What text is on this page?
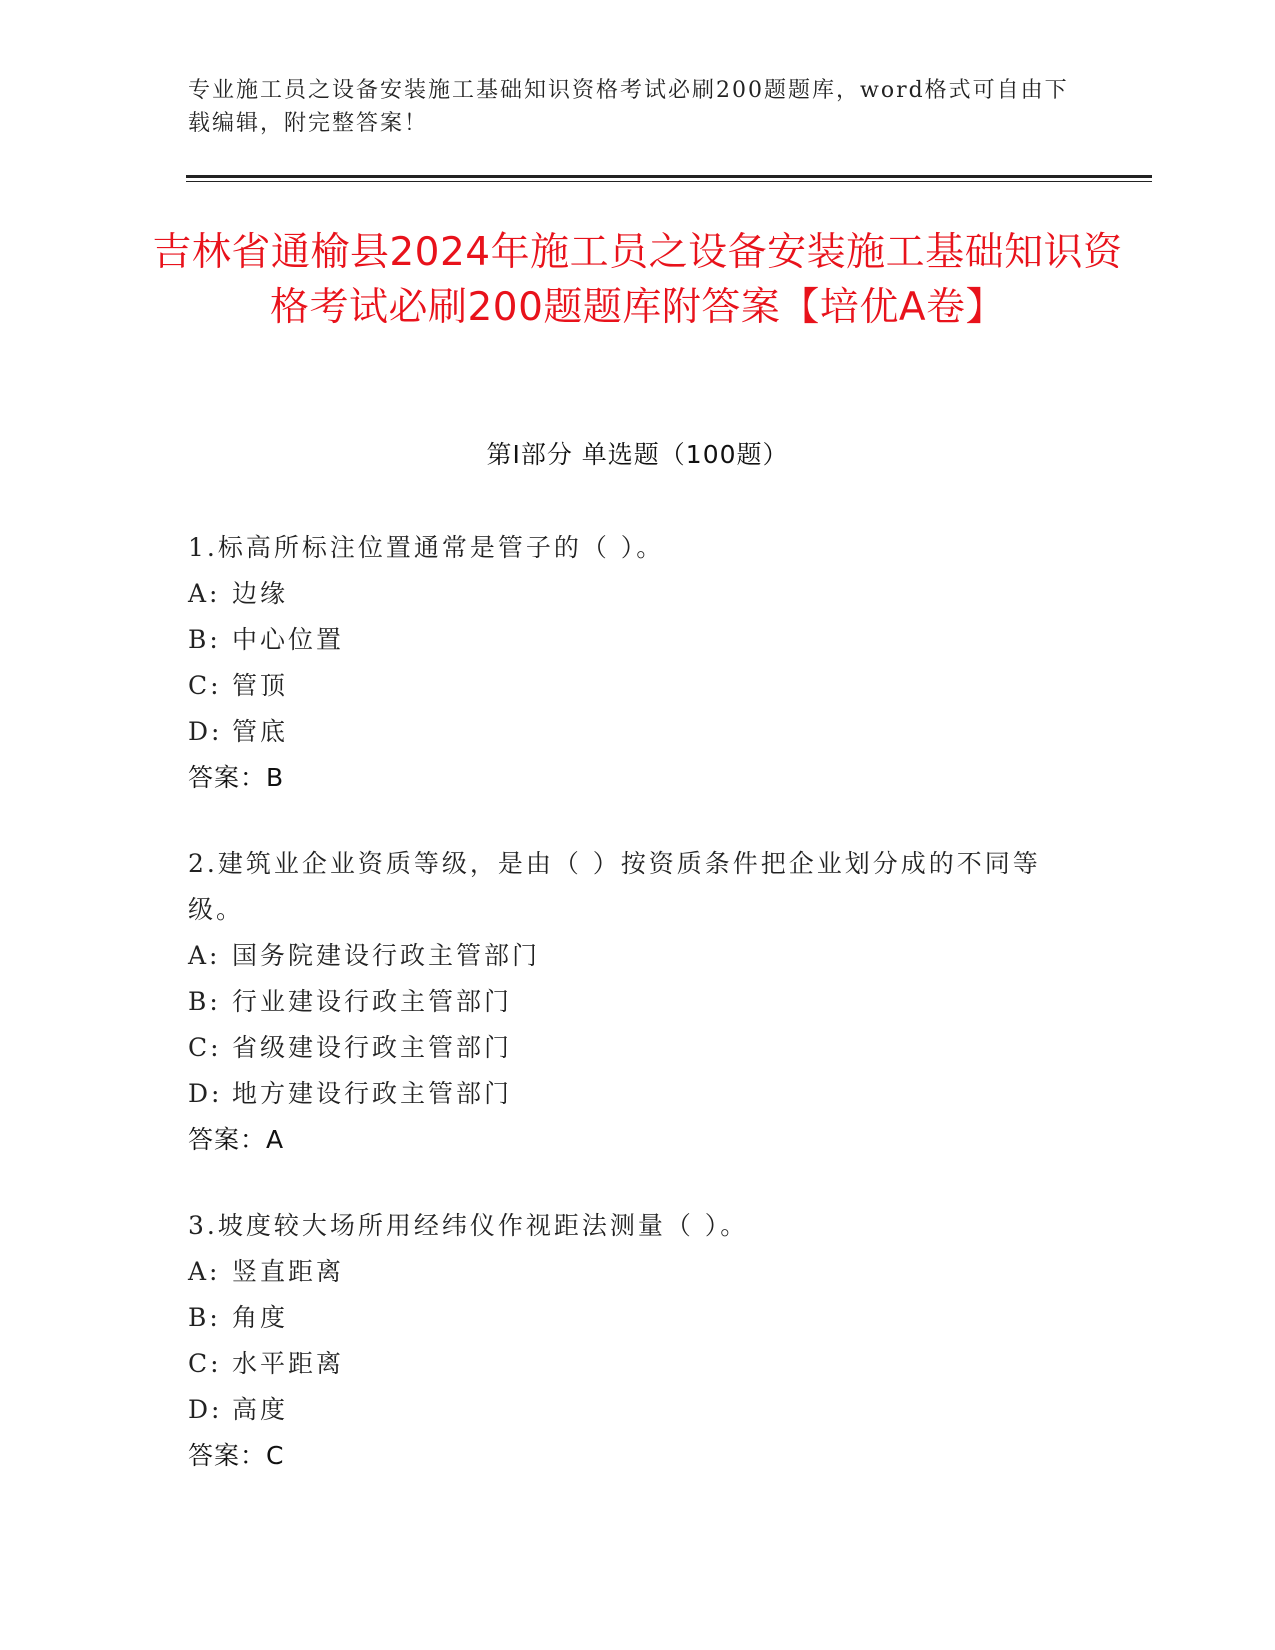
专业施工员之设备安装施工基础知识资格考试必刷200题题库，word格式可自由下载编辑，附完整答案！
吉林省通榆县2024年施工员之设备安装施工基础知识资格考试必刷200题题库附答案【培优A卷】
第Ⅰ部分 单选题（100题）
1.标高所标注位置通常是管子的（ ）。
A: 边缘
B: 中心位置
C: 管顶
D: 管底
答案：B
2.建筑业企业资质等级，是由（ ）按资质条件把企业划分成的不同等级。
A: 国务院建设行政主管部门
B: 行业建设行政主管部门
C: 省级建设行政主管部门
D: 地方建设行政主管部门
答案：A
3.坡度较大场所用经纬仪作视距法测量（ ）。
A: 竖直距离
B: 角度
C: 水平距离
D: 高度
答案：C
